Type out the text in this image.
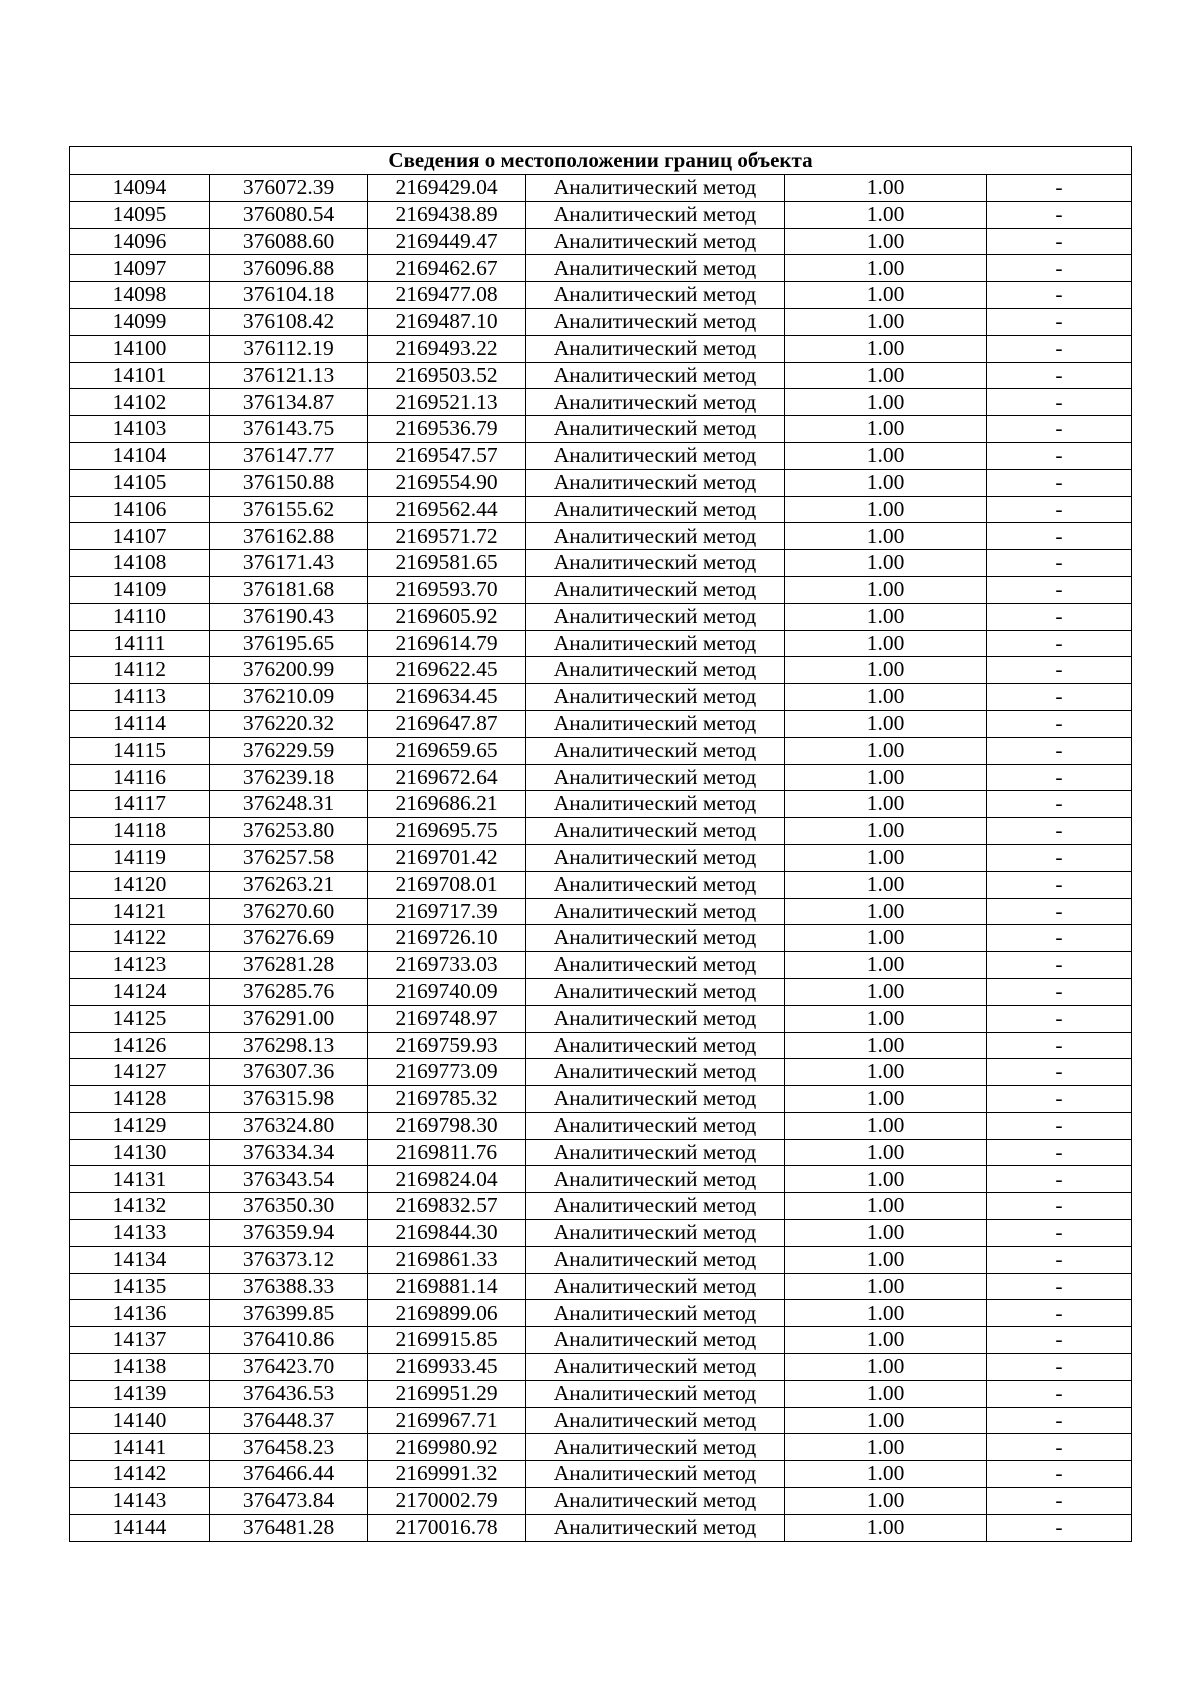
Сведения о местоположении границ объекта					
14094	376072.39	2169429.04	Аналитический метод	1.00	-
14095	376080.54	2169438.89	Аналитический метод	1.00	-
14096	376088.60	2169449.47	Аналитический метод	1.00	-
14097	376096.88	2169462.67	Аналитический метод	1.00	-
14098	376104.18	2169477.08	Аналитический метод	1.00	-
14099	376108.42	2169487.10	Аналитический метод	1.00	-
14100	376112.19	2169493.22	Аналитический метод	1.00	-
14101	376121.13	2169503.52	Аналитический метод	1.00	-
14102	376134.87	2169521.13	Аналитический метод	1.00	-
14103	376143.75	2169536.79	Аналитический метод	1.00	-
14104	376147.77	2169547.57	Аналитический метод	1.00	-
14105	376150.88	2169554.90	Аналитический метод	1.00	-
14106	376155.62	2169562.44	Аналитический метод	1.00	-
14107	376162.88	2169571.72	Аналитический метод	1.00	-
14108	376171.43	2169581.65	Аналитический метод	1.00	-
14109	376181.68	2169593.70	Аналитический метод	1.00	-
14110	376190.43	2169605.92	Аналитический метод	1.00	-
14111	376195.65	2169614.79	Аналитический метод	1.00	-
14112	376200.99	2169622.45	Аналитический метод	1.00	-
14113	376210.09	2169634.45	Аналитический метод	1.00	-
14114	376220.32	2169647.87	Аналитический метод	1.00	-
14115	376229.59	2169659.65	Аналитический метод	1.00	-
14116	376239.18	2169672.64	Аналитический метод	1.00	-
14117	376248.31	2169686.21	Аналитический метод	1.00	-
14118	376253.80	2169695.75	Аналитический метод	1.00	-
14119	376257.58	2169701.42	Аналитический метод	1.00	-
14120	376263.21	2169708.01	Аналитический метод	1.00	-
14121	376270.60	2169717.39	Аналитический метод	1.00	-
14122	376276.69	2169726.10	Аналитический метод	1.00	-
14123	376281.28	2169733.03	Аналитический метод	1.00	-
14124	376285.76	2169740.09	Аналитический метод	1.00	-
14125	376291.00	2169748.97	Аналитический метод	1.00	-
14126	376298.13	2169759.93	Аналитический метод	1.00	-
14127	376307.36	2169773.09	Аналитический метод	1.00	-
14128	376315.98	2169785.32	Аналитический метод	1.00	-
14129	376324.80	2169798.30	Аналитический метод	1.00	-
14130	376334.34	2169811.76	Аналитический метод	1.00	-
14131	376343.54	2169824.04	Аналитический метод	1.00	-
14132	376350.30	2169832.57	Аналитический метод	1.00	-
14133	376359.94	2169844.30	Аналитический метод	1.00	-
14134	376373.12	2169861.33	Аналитический метод	1.00	-
14135	376388.33	2169881.14	Аналитический метод	1.00	-
14136	376399.85	2169899.06	Аналитический метод	1.00	-
14137	376410.86	2169915.85	Аналитический метод	1.00	-
14138	376423.70	2169933.45	Аналитический метод	1.00	-
14139	376436.53	2169951.29	Аналитический метод	1.00	-
14140	376448.37	2169967.71	Аналитический метод	1.00	-
14141	376458.23	2169980.92	Аналитический метод	1.00	-
14142	376466.44	2169991.32	Аналитический метод	1.00	-
14143	376473.84	2170002.79	Аналитический метод	1.00	-
14144	376481.28	2170016.78	Аналитический метод	1.00	-
